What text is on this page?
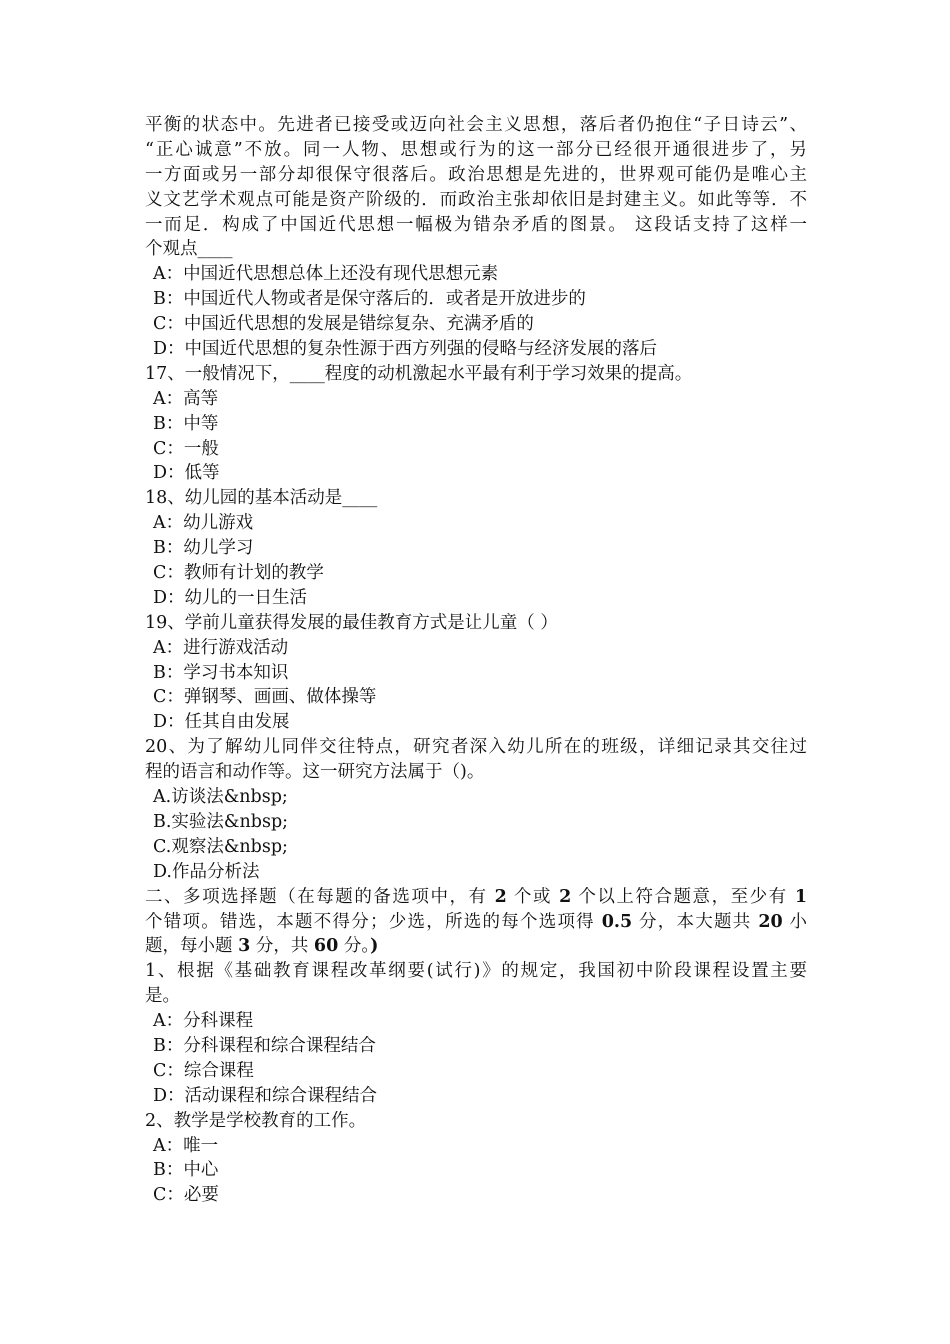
平衡的状态中。先进者已接受或迈向社会主义思想，落后者仍抱住“子日诗云”、
“正心诚意”不放。同一人物、思想或行为的这一部分已经很开通很进步了，另
一方面或另一部分却很保守很落后。政治思想是先进的，世界观可能仍是唯心主
义文艺学术观点可能是资产阶级的．而政治主张却依旧是封建主义。如此等等．不
一而足．构成了中国近代思想一幅极为错杂矛盾的图景。 这段话支持了这样一
个观点____
A：中国近代思想总体上还没有现代思想元素
B：中国近代人物或者是保守落后的．或者是开放进步的
C：中国近代思想的发展是错综复杂、充满矛盾的
D：中国近代思想的复杂性源于西方列强的侵略与经济发展的落后
17、一般情况下，____程度的动机激起水平最有利于学习效果的提高。
A：高等
B：中等
C：一般
D：低等
18、幼儿园的基本活动是____
A：幼儿游戏
B：幼儿学习
C：教师有计划的教学
D：幼儿的一日生活
19、学前儿童获得发展的最佳教育方式是让儿童（ ）
A：进行游戏活动
B：学习书本知识
C：弹钢琴、画画、做体操等
D：任其自由发展
20、为了解幼儿同伴交往特点，研究者深入幼儿所在的班级，详细记录其交往过
程的语言和动作等。这一研究方法属于（)。
A.访谈法&nbsp;
B.实验法&nbsp;
C.观察法&nbsp;
D.作品分析法
二、多项选择题（在每题的备选项中，有 2 个或 2 个以上符合题意，至少有 1
个错项。错选，本题不得分；少选，所选的每个选项得 0.5 分，本大题共 20 小
题，每小题 3 分，共 60 分。)
1、根据《基础教育课程改革纲要(试行)》的规定，我国初中阶段课程设置主要
是。
A：分科课程
B：分科课程和综合课程结合
C：综合课程
D：活动课程和综合课程结合
2、教学是学校教育的工作。
A：唯一
B：中心
C：必要
